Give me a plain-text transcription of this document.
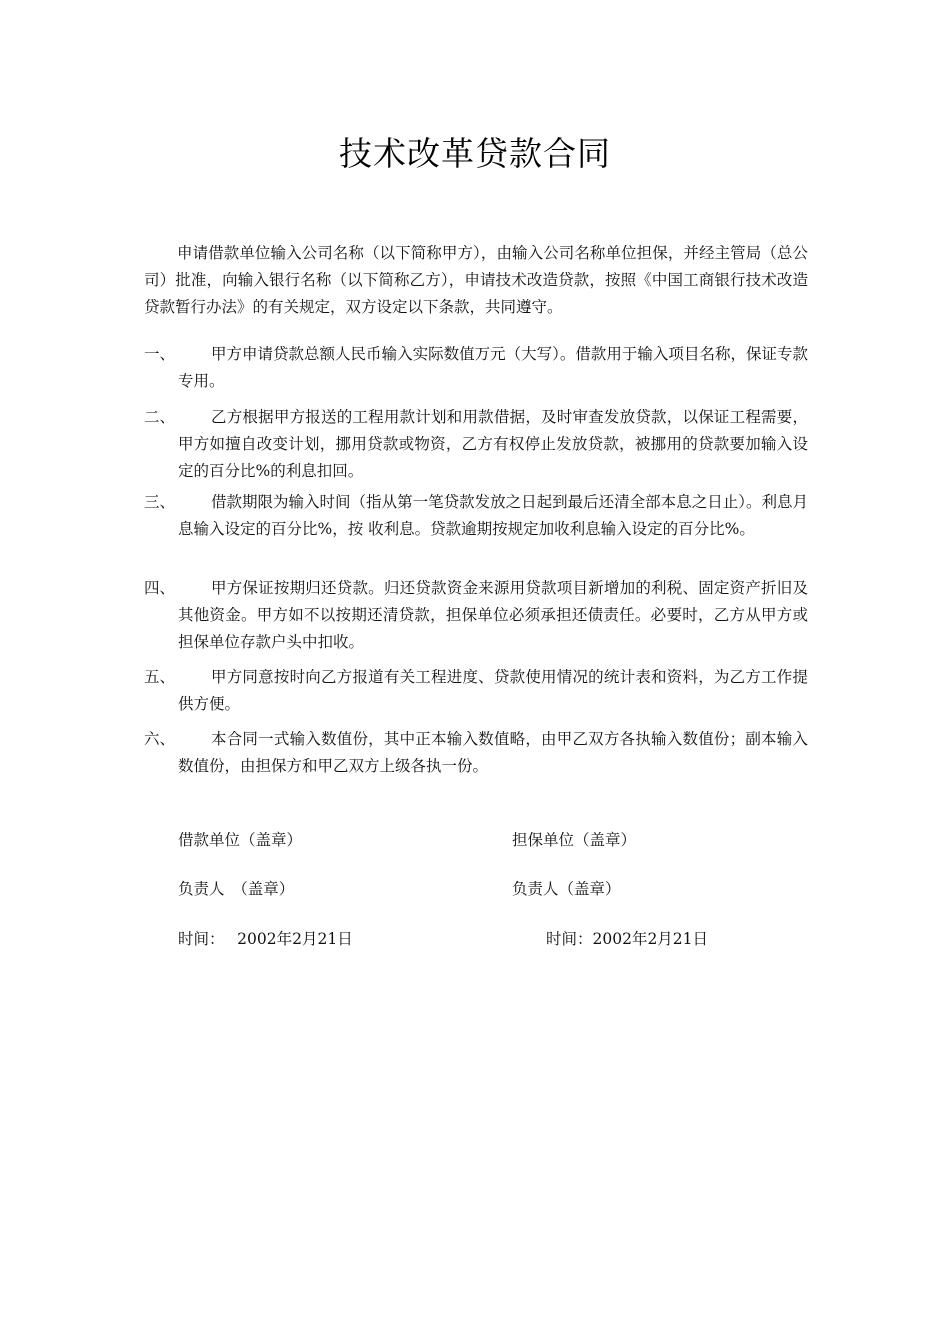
技术改革贷款合同

申请借款单位输入公司名称（以下简称甲方），由输入公司名称单位担保，并经主管局（总公司）批准，向输入银行名称（以下简称乙方），申请技术改造贷款，按照《中国工商银行技术改造贷款暂行办法》的有关规定，双方设定以下条款，共同遵守。

一、	甲方申请贷款总额人民币输入实际数值万元（大写）。借款用于输入项目名称，保证专款专用。
二、	乙方根据甲方报送的工程用款计划和用款借据，及时审查发放贷款，以保证工程需要，甲方如擅自改变计划，挪用贷款或物资，乙方有权停止发放贷款，被挪用的贷款要加输入设定的百分比%的利息扣回。
三、	借款期限为输入时间（指从第一笔贷款发放之日起到最后还清全部本息之日止）。利息月息输入设定的百分比%，按 收利息。贷款逾期按规定加收利息输入设定的百分比%。
四、	甲方保证按期归还贷款。归还贷款资金来源用贷款项目新增加的利税、固定资产折旧及其他资金。甲方如不以按期还清贷款，担保单位必须承担还债责任。必要时，乙方从甲方或担保单位存款户头中扣收。
五、	甲方同意按时向乙方报道有关工程进度、贷款使用情况的统计表和资料，为乙方工作提供方便。
六、	本合同一式输入数值份，其中正本输入数值略，由甲乙双方各执输入数值份；副本输入数值份，由担保方和甲乙双方上级各执一份。
借款单位（盖章）	担保单位（盖章）
负责人　（盖章）	负责人（盖章）
时间：　 2002年2月21日	时间：2002年2月21日
